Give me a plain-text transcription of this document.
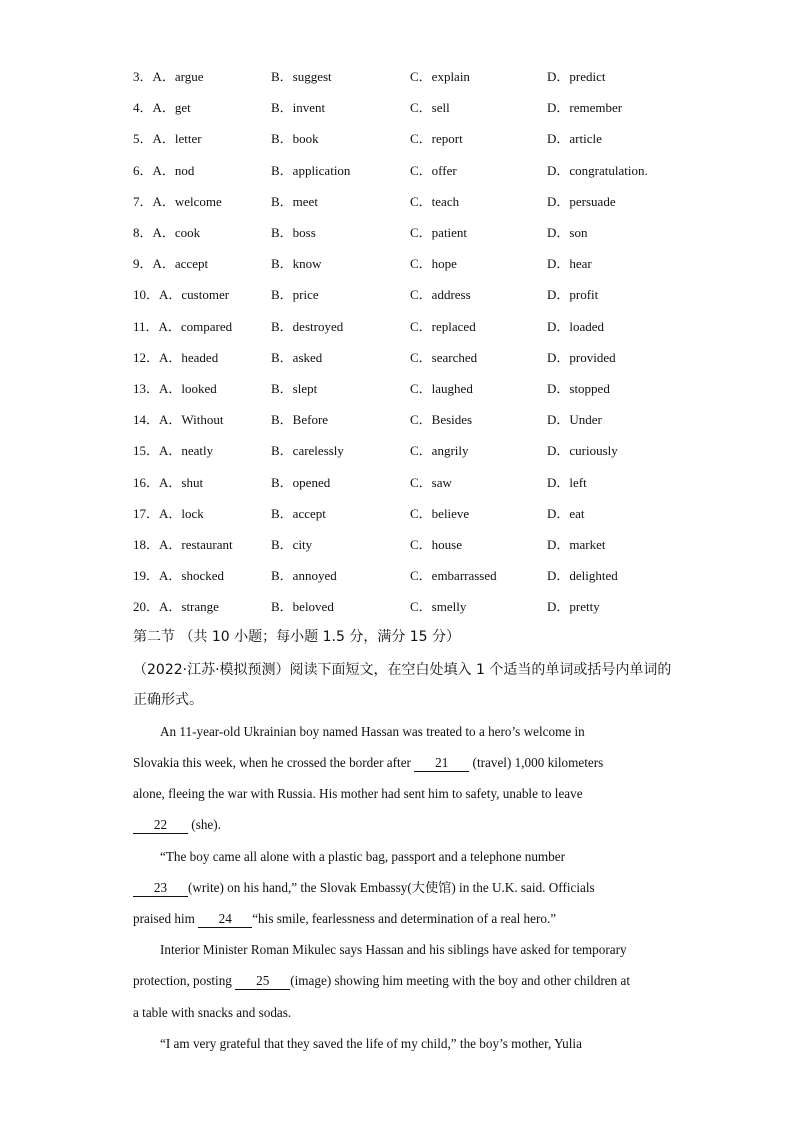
3．A．argue	B．suggest	C．explain	D．predict
4．A．get	B．invent	C．sell	D．remember
5．A．letter	B．book	C．report	D．article
6．A．nod	B．application	C．offer	D．congratulation.
7．A．welcome	B．meet	C．teach	D．persuade
8．A．cook	B．boss	C．patient	D．son
9．A．accept	B．know	C．hope	D．hear
10．A．customer	B．price	C．address	D．profit
11．A．compared	B．destroyed	C．replaced	D．loaded
12．A．headed	B．asked	C．searched	D．provided
13．A．looked	B．slept	C．laughed	D．stopped
14．A．Without	B．Before	C．Besides	D．Under
15．A．neatly	B．carelessly	C．angrily	D．curiously
16．A．shut	B．opened	C．saw	D．left
17．A．lock	B．accept	C．believe	D．eat
18．A．restaurant	B．city	C．house	D．market
19．A．shocked	B．annoyed	C．embarrassed	D．delighted
20．A．strange	B．beloved	C．smelly	D．pretty
第二节 （共 10 小题；每小题 1.5 分，满分 15 分）
（2022·江苏·模拟预测）阅读下面短文，在空白处填入 1 个适当的单词或括号内单词的
正确形式。
An 11-year-old Ukrainian boy named Hassan was treated to a hero’s welcome in
Slovakia this week, when he crossed the border after 21 (travel) 1,000 kilometers
alone, fleeing the war with Russia. His mother had sent him to safety, unable to leave
22 (she).
“The boy came all alone with a plastic bag, passport and a telephone number
23 (write) on his hand,” the Slovak Embassy(大使馆) in the U.K. said. Officials
praised him 24 “his smile, fearlessness and determination of a real hero.”
Interior Minister Roman Mikulec says Hassan and his siblings have asked for temporary
protection, posting 25 (image) showing him meeting with the boy and other children at
a table with snacks and sodas.
“I am very grateful that they saved the life of my child,” the boy’s mother, Yulia
